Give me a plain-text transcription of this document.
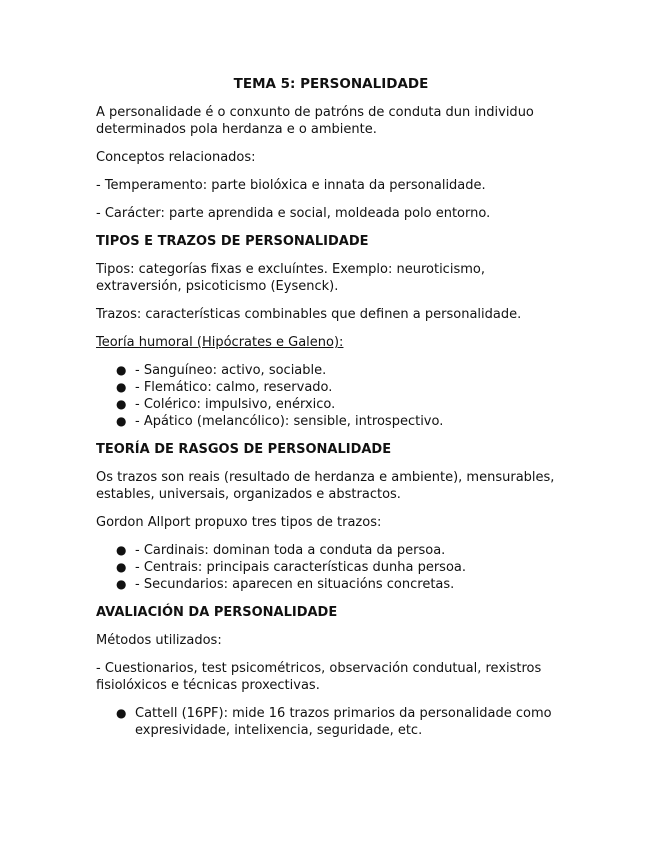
TEMA 5: PERSONALIDADE

A personalidade é o conxunto de patróns de conduta dun individuo determinados pola herdanza e o ambiente.

Conceptos relacionados:

- Temperamento: parte biolóxica e innata da personalidade.

- Carácter: parte aprendida e social, moldeada polo entorno.

TIPOS E TRAZOS DE PERSONALIDADE

Tipos: categorías fixas e excluíntes. Exemplo: neuroticismo, extraversión, psicoticismo (Eysenck).

Trazos: características combinables que definen a personalidade.

Teoría humoral (Hipócrates e Galeno):

● - Sanguíneo: activo, sociable.
● - Flemático: calmo, reservado.
● - Colérico: impulsivo, enérxico.
● - Apático (melancólico): sensible, introspectivo.
TEORÍA DE RASGOS DE PERSONALIDADE

Os trazos son reais (resultado de herdanza e ambiente), mensurables, estables, universais, organizados e abstractos.

Gordon Allport propuxo tres tipos de trazos:

● - Cardinais: dominan toda a conduta da persoa.
● - Centrais: principais características dunha persoa.
● - Secundarios: aparecen en situacións concretas.
AVALIACIÓN DA PERSONALIDADE

Métodos utilizados:

- Cuestionarios, test psicométricos, observación condutual, rexistros fisiolóxicos e técnicas proxectivas.

● Cattell (16PF): mide 16 trazos primarios da personalidade como expresividade, intelixencia, seguridade, etc.
